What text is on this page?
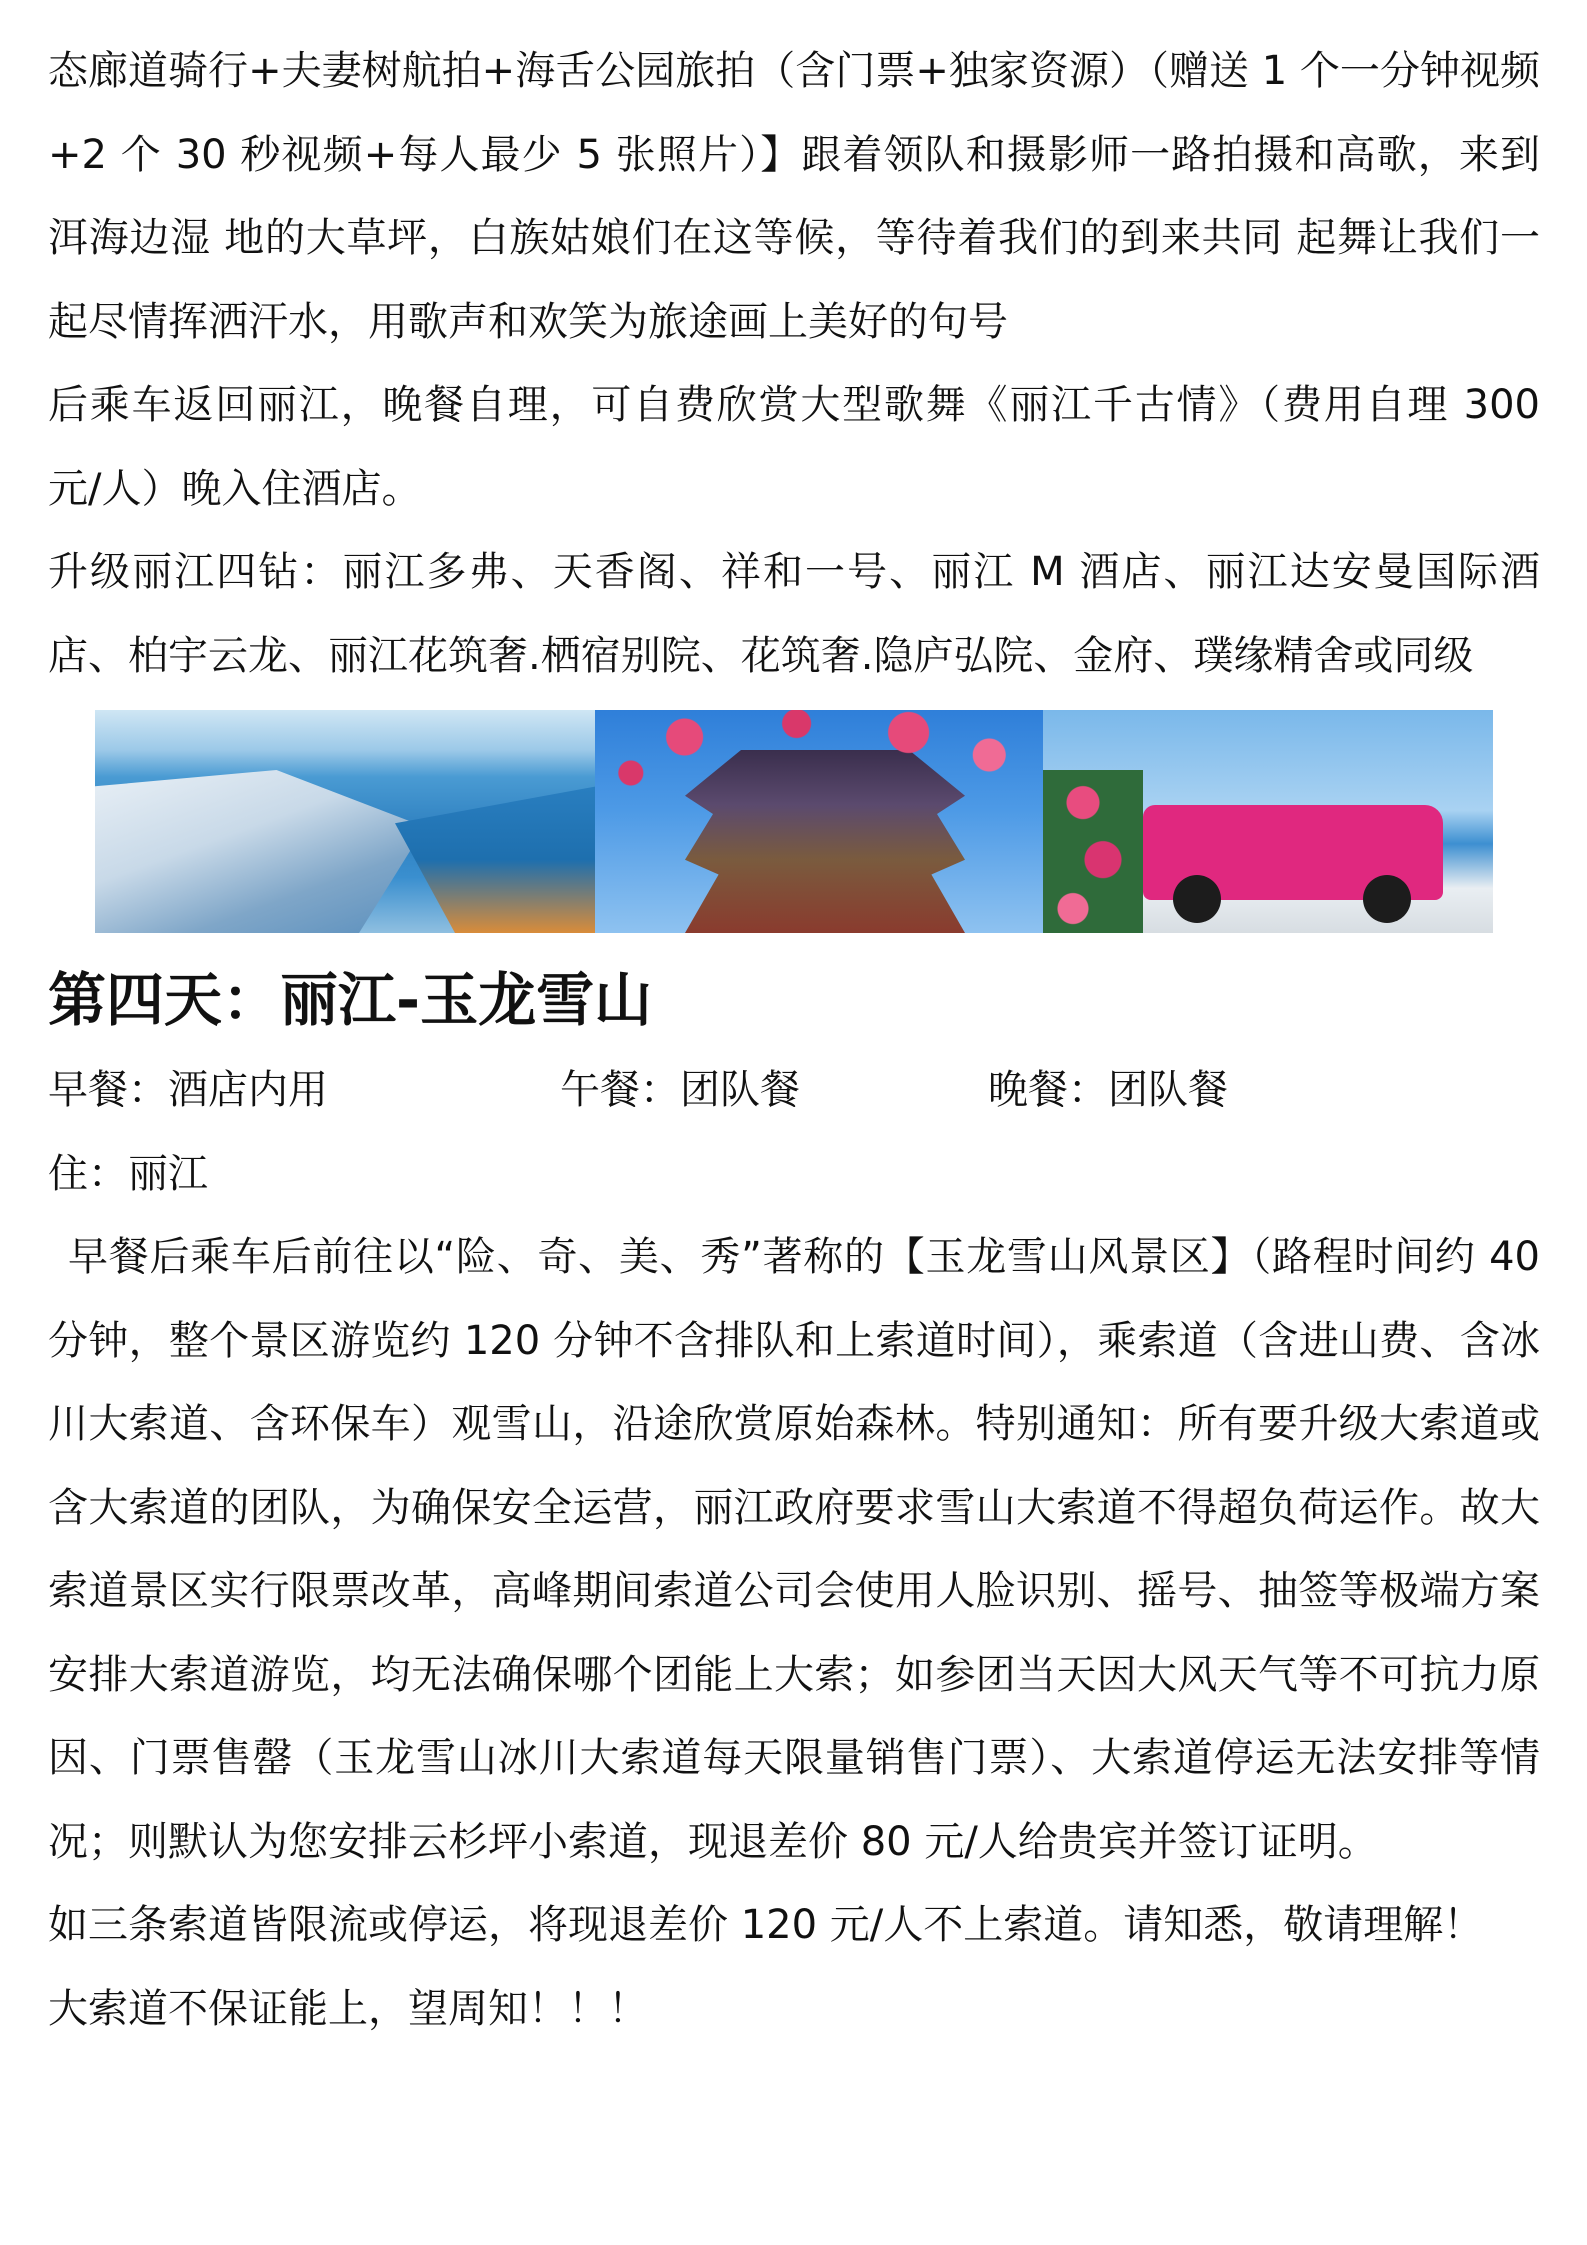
态廊道骑行+夫妻树航拍+海舌公园旅拍（含门票+独家资源）（赠送 1 个一分钟视频+2 个 30 秒视频+每人最少 5 张照片）】跟着领队和摄影师一路拍摄和高歌，来到洱海边湿 地的大草坪，白族姑娘们在这等候，等待着我们的到来共同 起舞让我们一起尽情挥洒汗水，用歌声和欢笑为旅途画上美好的句号

后乘车返回丽江，晚餐自理，可自费欣赏大型歌舞《丽江千古情》（费用自理 300 元/人）晚入住酒店。

升级丽江四钻：丽江多弗、天香阁、祥和一号、丽江 M 酒店、丽江达安曼国际酒店、柏宇云龙、丽江花筑奢.栖宿别院、花筑奢.隐庐弘院、金府、璞缘精舍或同级

第四天：丽江-玉龙雪山
早餐：酒店内用	午餐：团队餐	晚餐：团队餐

住：丽江

早餐后乘车后前往以“险、奇、美、秀”著称的【玉龙雪山风景区】（路程时间约 40 分钟，整个景区游览约 120 分钟不含排队和上索道时间），乘索道（含进山费、含冰川大索道、含环保车）观雪山，沿途欣赏原始森林。特别通知：所有要升级大索道或含大索道的团队，为确保安全运营，丽江政府要求雪山大索道不得超负荷运作。故大索道景区实行限票改革，高峰期间索道公司会使用人脸识别、摇号、抽签等极端方案安排大索道游览，均无法确保哪个团能上大索；如参团当天因大风天气等不可抗力原因、门票售罄（玉龙雪山冰川大索道每天限量销售门票）、大索道停运无法安排等情况；则默认为您安排云杉坪小索道，现退差价 80 元/人给贵宾并签订证明。

如三条索道皆限流或停运，将现退差价 120 元/人不上索道。请知悉，敬请理解！

大索道不保证能上，望周知！！！
